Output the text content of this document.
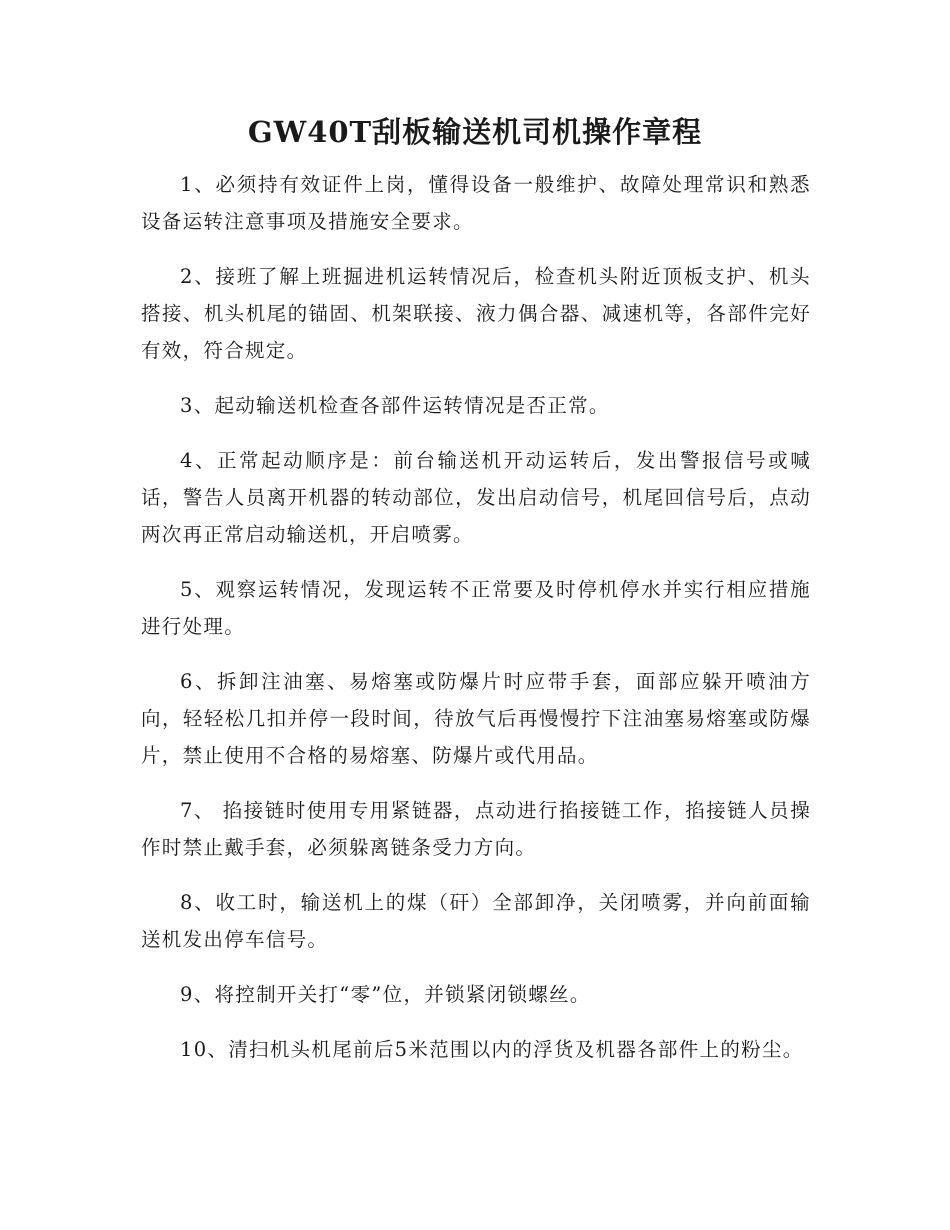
GW40T刮板输送机司机操作章程

1、必须持有效证件上岗，懂得设备一般维护、故障处理常识和熟悉设备运转注意事项及措施安全要求。

2、接班了解上班掘进机运转情况后，检查机头附近顶板支护、机头搭接、机头机尾的锚固、机架联接、液力偶合器、减速机等，各部件完好有效，符合规定。

3、起动输送机检查各部件运转情况是否正常。

4、正常起动顺序是：前台输送机开动运转后，发出警报信号或喊话，警告人员离开机器的转动部位，发出启动信号，机尾回信号后，点动两次再正常启动输送机，开启喷雾。

5、观察运转情况，发现运转不正常要及时停机停水并实行相应措施进行处理。

6、拆卸注油塞、易熔塞或防爆片时应带手套，面部应躲开喷油方向，轻轻松几扣并停一段时间，待放气后再慢慢拧下注油塞易熔塞或防爆片，禁止使用不合格的易熔塞、防爆片或代用品。

7、 掐接链时使用专用紧链器，点动进行掐接链工作，掐接链人员操作时禁止戴手套，必须躲离链条受力方向。

8、收工时，输送机上的煤（矸）全部卸净，关闭喷雾，并向前面输送机发出停车信号。

9、将控制开关打“零”位，并锁紧闭锁螺丝。

10、清扫机头机尾前后5米范围以内的浮货及机器各部件上的粉尘。
